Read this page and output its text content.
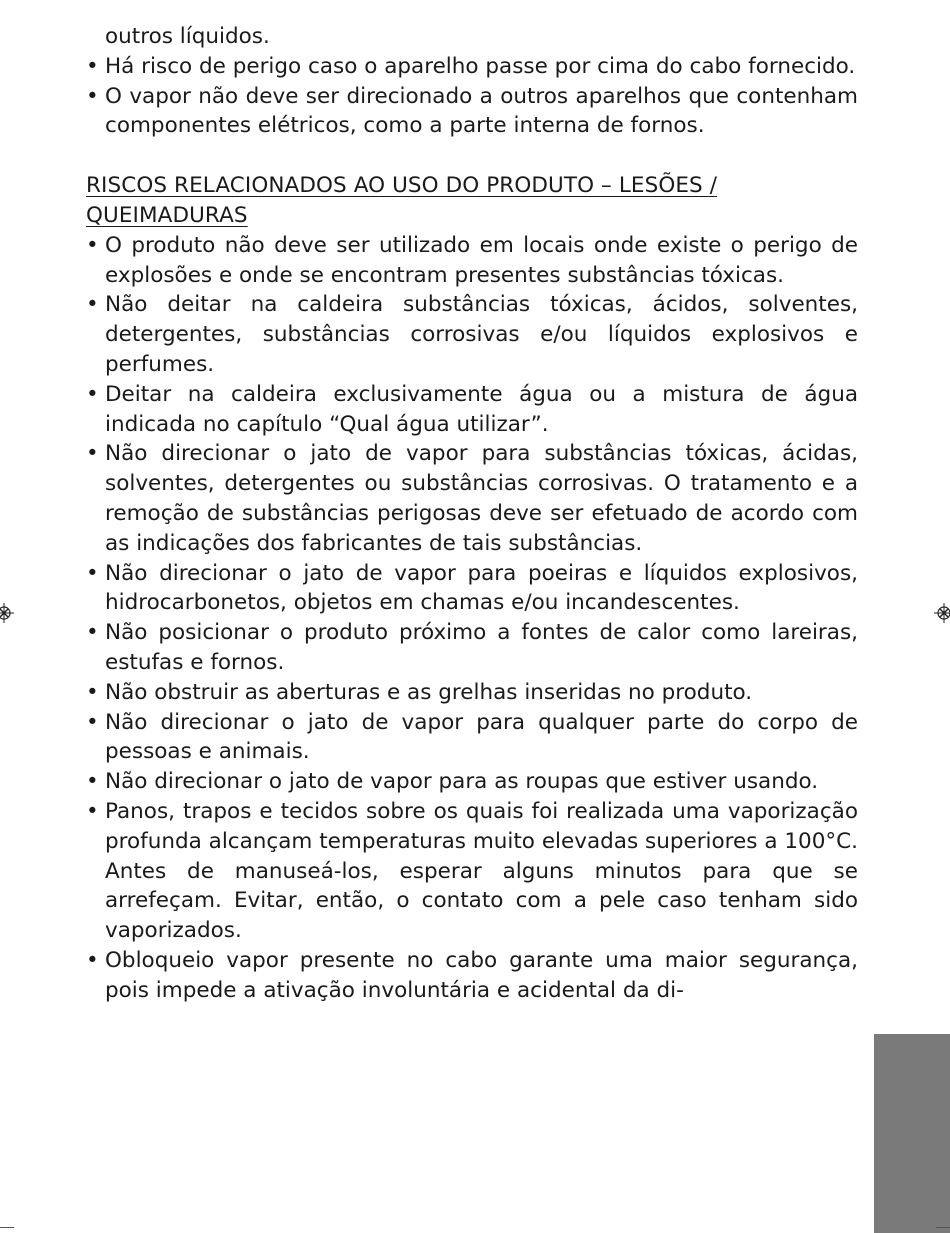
outros líquidos.
• Há risco de perigo caso o aparelho passe por cima do cabo fornecido.
• O vapor não deve ser direcionado a outros aparelhos que contenham componentes elétricos, como a parte interna de fornos.
RISCOS RELACIONADOS AO USO DO PRODUTO – LESÕES / QUEIMADURAS
• O produto não deve ser utilizado em locais onde existe o perigo de explosões e onde se encontram presentes substâncias tóxicas.
• Não deitar na caldeira substâncias tóxicas, ácidos, solventes, detergentes, substâncias corrosivas e/ou líquidos explosivos e perfumes.
• Deitar na caldeira exclusivamente água ou a mistura de água indicada no capítulo “Qual água utilizar”.
• Não direcionar o jato de vapor para substâncias tóxicas, ácidas, solventes, detergentes ou substâncias corrosivas. O tratamento e a remoção de substâncias perigosas deve ser efetuado de acordo com as indicações dos fabricantes de tais substâncias.
• Não direcionar o jato de vapor para poeiras e líquidos explosivos, hidrocarbonetos, objetos em chamas e/ou incandescentes.
• Não posicionar o produto próximo a fontes de calor como lareiras, estufas e fornos.
• Não obstruir as aberturas e as grelhas inseridas no produto.
• Não direcionar o jato de vapor para qualquer parte do corpo de pessoas e animais.
• Não direcionar o jato de vapor para as roupas que estiver usando.
• Panos, trapos e tecidos sobre os quais foi realizada uma vaporização profunda alcançam temperaturas muito elevadas superiores a 100°C. Antes de manuseá-los, esperar alguns minutos para que se arrefeçam. Evitar, então, o contato com a pele caso tenham sido vaporizados.
• Obloqueio vapor presente no cabo garante uma maior segurança, pois impede a ativação involuntária e acidental da di-
